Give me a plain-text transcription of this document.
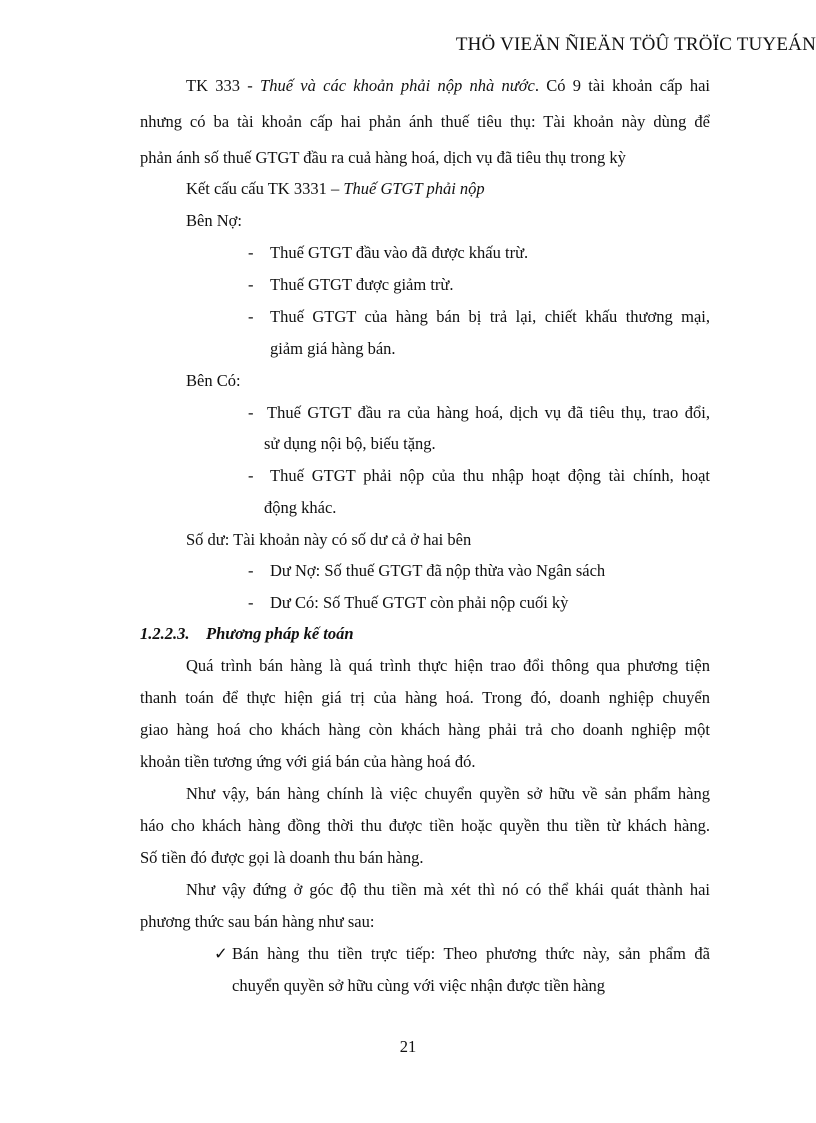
THÖ VIEÄN ÑIEÄN TÖÛ TRÖÏC TUYEÁN
TK 333 - Thuế và các khoản phải nộp nhà nước. Có 9 tài khoản cấp hai
nhưng có ba tài khoản cấp hai phản ánh thuế tiêu thụ: Tài khoản này dùng để
phản ánh số thuế GTGT đầu ra cuả hàng hoá, dịch vụ đã tiêu thụ trong kỳ
Kết cấu cấu TK 3331 – Thuế GTGT phải nộp
Bên Nợ:
- Thuế GTGT đầu vào đã được khấu trừ.
- Thuế GTGT được giảm trừ.
- Thuế GTGT của hàng bán bị trả lại, chiết khấu thương mại,
giảm giá hàng bán.
Bên Có:
- Thuế GTGT đầu ra của hàng hoá, dịch vụ đã tiêu thụ, trao đổi,
sử dụng nội bộ, biếu tặng.
- Thuế GTGT phải nộp của thu nhập hoạt động tài chính, hoạt
động khác.
Số dư: Tài khoản này có số dư cả ở hai bên
- Dư Nợ: Số thuế GTGT đã nộp thừa vào Ngân sách
- Dư Có: Số Thuế GTGT còn phải nộp cuối kỳ
1.2.2.3. Phương pháp kế toán
Quá trình bán hàng là quá trình thực hiện trao đổi thông qua phương tiện
thanh toán để thực hiện giá trị của hàng hoá. Trong đó, doanh nghiệp chuyển
giao hàng hoá cho khách hàng còn khách hàng phải trả cho doanh nghiệp một
khoản tiền tương ứng với giá bán của hàng hoá đó.
Như vậy, bán hàng chính là việc chuyển quyền sở hữu về sản phẩm hàng
háo cho khách hàng đồng thời thu được tiền hoặc quyền thu tiền từ khách hàng.
Số tiền đó được gọi là doanh thu bán hàng.
Như vậy đứng ở góc độ thu tiền mà xét thì nó có thể khái quát thành hai
phương thức sau bán hàng như sau:
✓ Bán hàng thu tiền trực tiếp: Theo phương thức này, sản phẩm đã
chuyển quyền sở hữu cùng với việc nhận được tiền hàng
21
